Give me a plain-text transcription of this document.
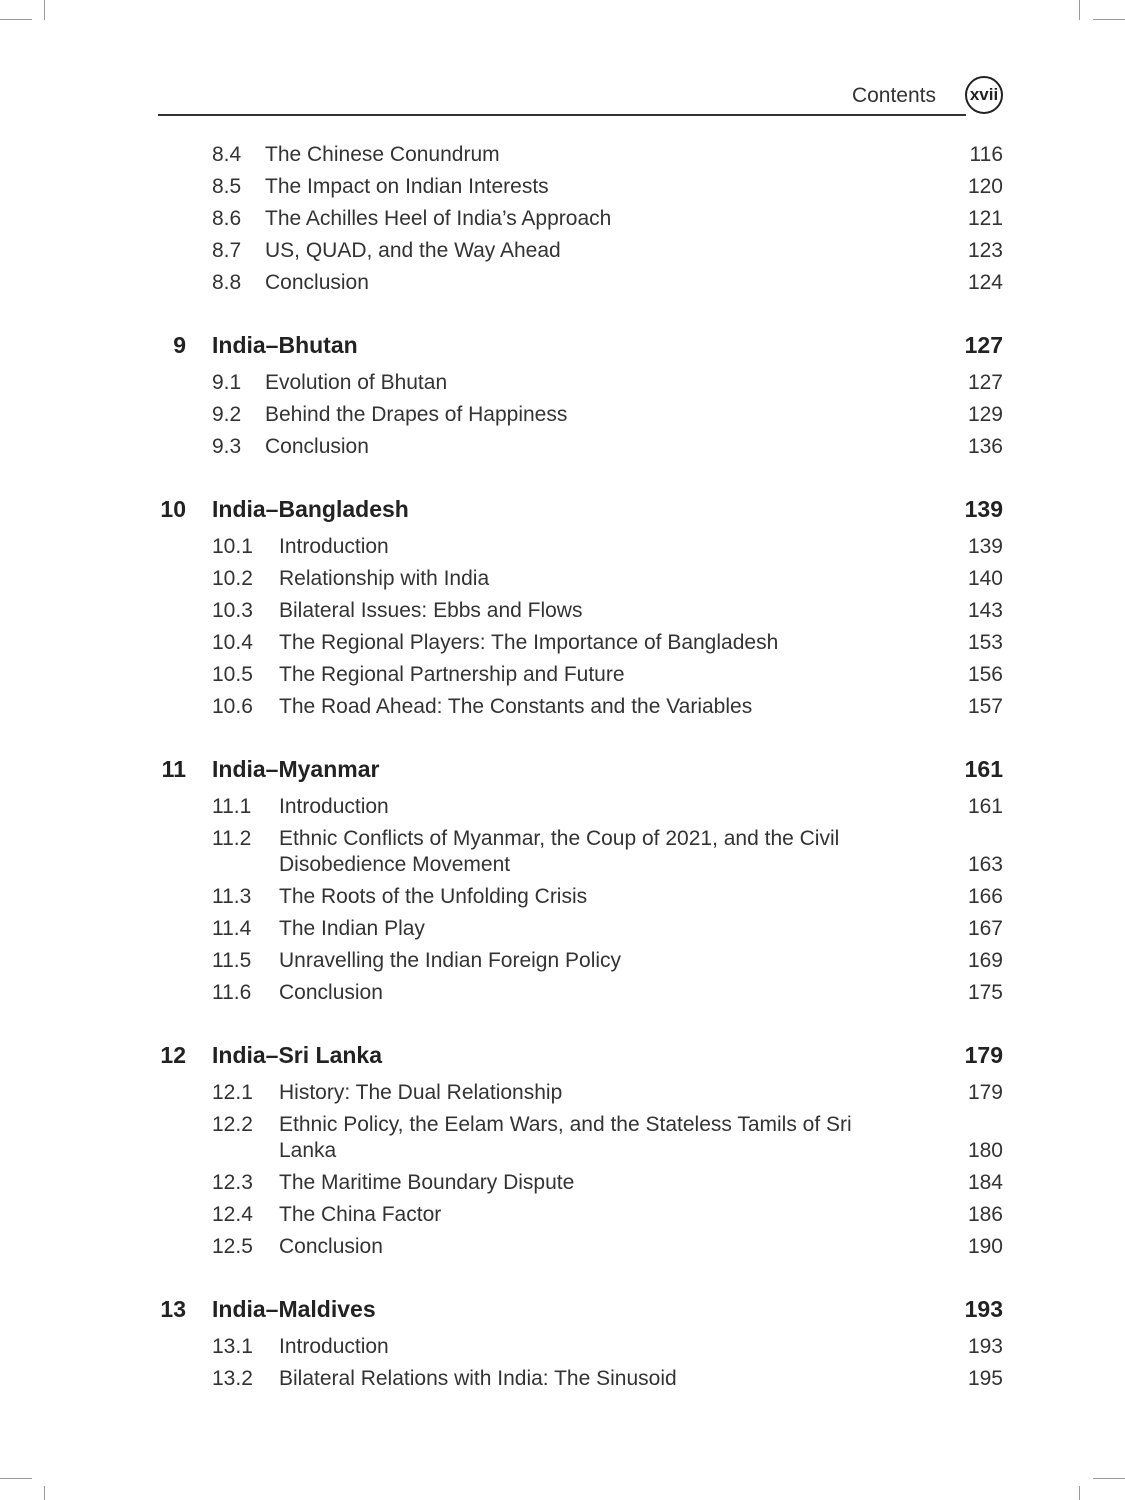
Contents xvii
8.4 The Chinese Conundrum	116
8.5 The Impact on Indian Interests	120
8.6 The Achilles Heel of India’s Approach	121
8.7 US, QUAD, and the Way Ahead	123
8.8 Conclusion	124
9 India–Bhutan	127
9.1 Evolution of Bhutan	127
9.2 Behind the Drapes of Happiness	129
9.3 Conclusion	136
10 India–Bangladesh	139
10.1 Introduction	139
10.2 Relationship with India	140
10.3 Bilateral Issues: Ebbs and Flows	143
10.4 The Regional Players: The Importance of Bangladesh	153
10.5 The Regional Partnership and Future	156
10.6 The Road Ahead: The Constants and the Variables	157
11 India–Myanmar	161
11.1 Introduction	161
11.2 Ethnic Conflicts of Myanmar, the Coup of 2021, and the Civil Disobedience Movement	163
11.3 The Roots of the Unfolding Crisis	166
11.4 The Indian Play	167
11.5 Unravelling the Indian Foreign Policy	169
11.6 Conclusion	175
12 India–Sri Lanka	179
12.1 History: The Dual Relationship	179
12.2 Ethnic Policy, the Eelam Wars, and the Stateless Tamils of Sri Lanka	180
12.3 The Maritime Boundary Dispute	184
12.4 The China Factor	186
12.5 Conclusion	190
13 India–Maldives	193
13.1 Introduction	193
13.2 Bilateral Relations with India: The Sinusoid	195
